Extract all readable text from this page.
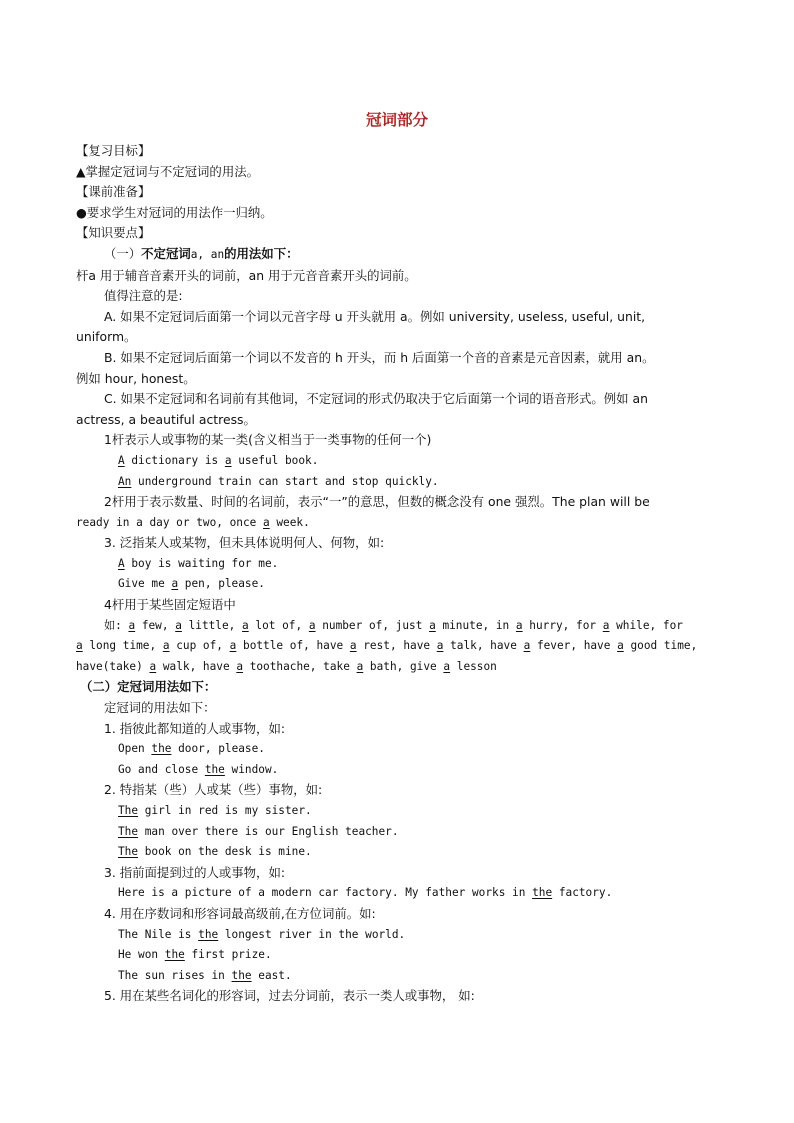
冠词部分
【复习目标】
▲掌握定冠词与不定冠词的用法。
【课前准备】
●要求学生对冠词的用法作一归纳。
【知识要点】
（一）不定冠词a, an的用法如下：
杆a 用于辅音音素开头的词前，an 用于元音音素开头的词前。
值得注意的是:
A. 如果不定冠词后面第一个词以元音字母 u 开头就用 a。例如 university, useless, useful, unit,
uniform。
B. 如果不定冠词后面第一个词以不发音的 h 开头，而 h 后面第一个音的音素是元音因素，就用 an。
例如 hour, honest。
C. 如果不定冠词和名词前有其他词，不定冠词的形式仍取决于它后面第一个词的语音形式。例如 an
actress, a beautiful actress。
1杆表示人或事物的某一类(含义相当于一类事物的任何一个)
A dictionary is a useful book.
An underground train can start and stop quickly.
2杆用于表示数量、时间的名词前，表示“一”的意思，但数的概念没有 one 强烈。The plan will be
ready in a day or two, once a week.
3. 泛指某人或某物，但未具体说明何人、何物，如:
A boy is waiting for me.
Give me a pen, please.
4杆用于某些固定短语中
如: a few, a little, a lot of, a number of, just a minute, in a hurry, for a while, for
a long time, a cup of, a bottle of, have a rest, have a talk, have a fever, have a good time,
have(take) a walk, have a toothache, take a bath, give a lesson
（二）定冠词用法如下：
定冠词的用法如下：
1. 指彼此都知道的人或事物，如:
Open the door, please.
Go and close the window.
2. 特指某（些）人或某（些）事物，如:
The girl in red is my sister.
The man over there is our English teacher.
The book on the desk is mine.
3. 指前面提到过的人或事物，如:
Here is a picture of a modern car factory. My father works in the factory.
4. 用在序数词和形容词最高级前,在方位词前。如:
The Nile is the longest river in the world.
He won the first prize.
The sun rises in the east.
5. 用在某些名词化的形容词，过去分词前，表示一类人或事物， 如:
